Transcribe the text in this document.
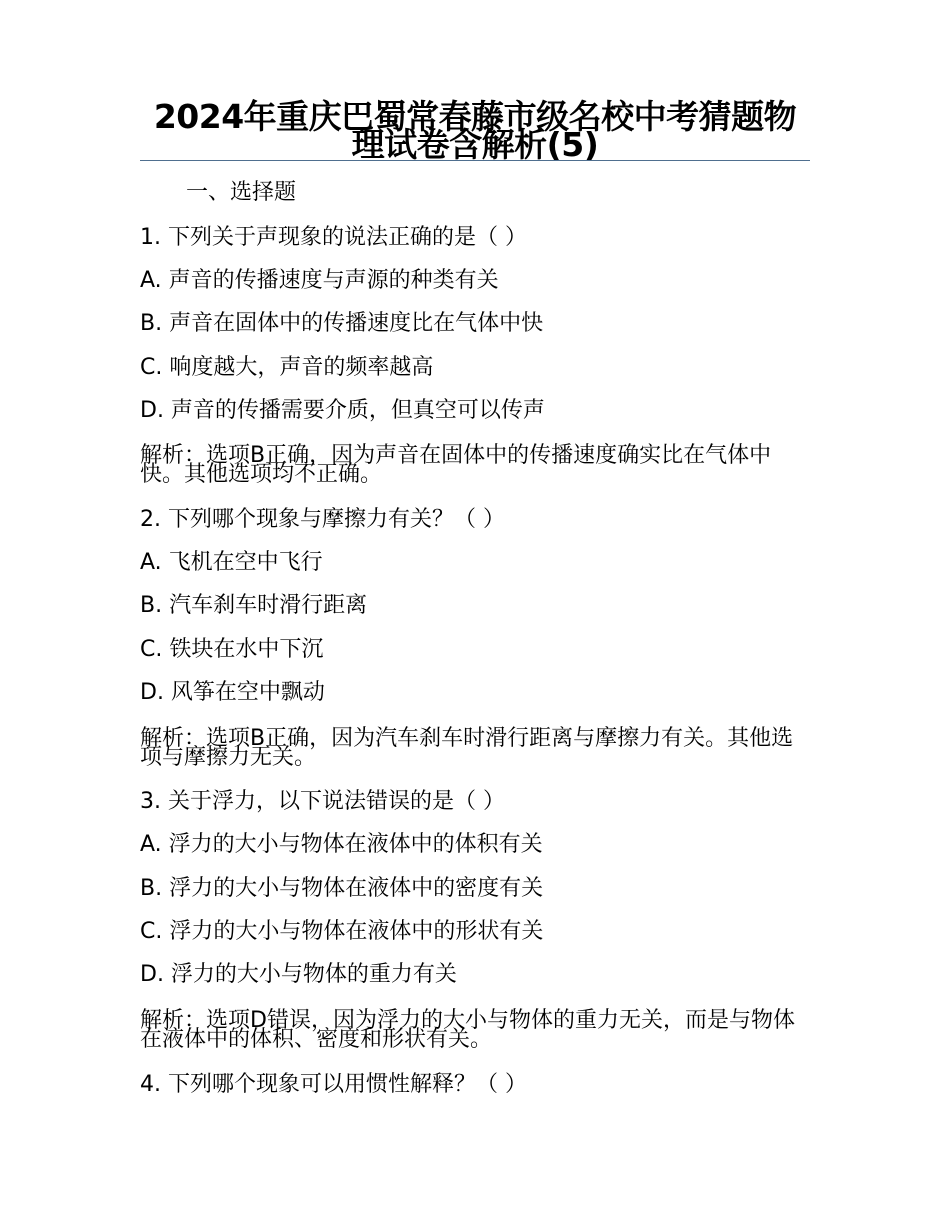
2024年重庆巴蜀常春藤市级名校中考猜题物理试卷含解析(5)

一、选择题

1. 下列关于声现象的说法正确的是（ ）

A. 声音的传播速度与声源的种类有关

B. 声音在固体中的传播速度比在气体中快

C. 响度越大，声音的频率越高

D. 声音的传播需要介质，但真空可以传声

解析：选项B正确，因为声音在固体中的传播速度确实比在气体中快。其他选项均不正确。

2. 下列哪个现象与摩擦力有关？（ ）

A. 飞机在空中飞行

B. 汽车刹车时滑行距离

C. 铁块在水中下沉

D. 风筝在空中飘动

解析：选项B正确，因为汽车刹车时滑行距离与摩擦力有关。其他选项与摩擦力无关。

3. 关于浮力，以下说法错误的是（ ）

A. 浮力的大小与物体在液体中的体积有关

B. 浮力的大小与物体在液体中的密度有关

C. 浮力的大小与物体在液体中的形状有关

D. 浮力的大小与物体的重力有关

解析：选项D错误，因为浮力的大小与物体的重力无关，而是与物体在液体中的体积、密度和形状有关。

4. 下列哪个现象可以用惯性解释？（ ）
